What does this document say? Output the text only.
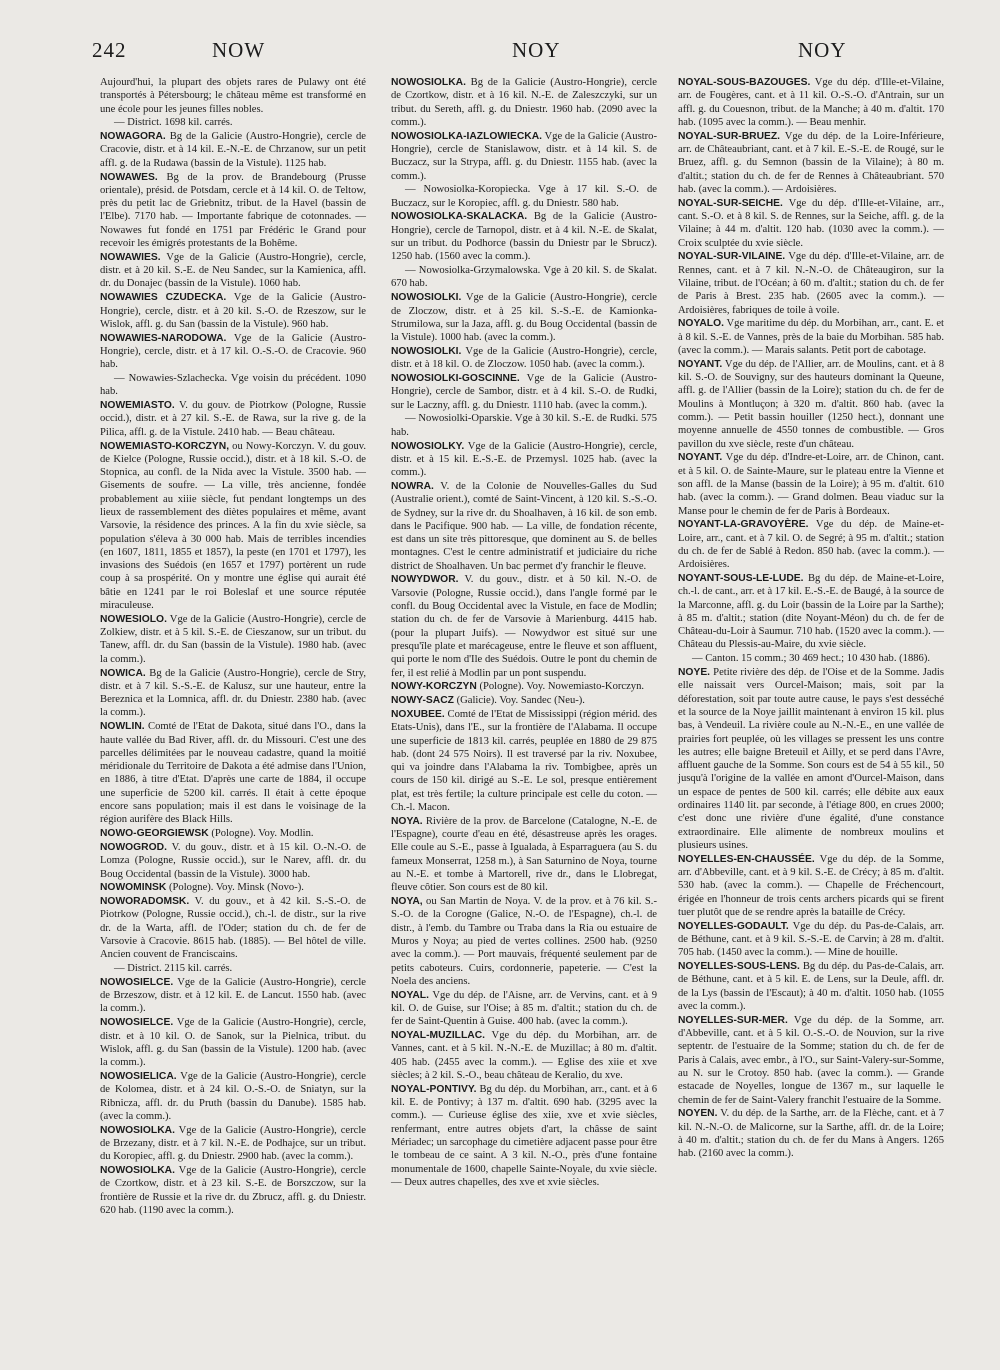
242	NOW	NOY	NOY

Aujourd'hui, la plupart des objets rares de Pulawy ont été transportés à Pétersbourg; le château même est transformé en une école pour les jeunes filles nobles.

— District. 1698 kil. carrés.

NOWAGORA. Bg de la Galicie (Austro-Hongrie), cercle de Cracovie, distr. et à 14 kil. E.-N.-E. de Chrzanow, sur un petit affl. g. de la Rudawa (bassin de la Vistule). 1125 hab.

NOWAWES. Bg de la prov. de Brandebourg (Prusse orientale), présid. de Potsdam, cercle et à 14 kil. O. de Teltow, près du petit lac de Griebnitz, tribut. de la Havel (bassin de l'Elbe). 7170 hab. — Importante fabrique de cotonnades. — Nowawes fut fondé en 1751 par Frédéric le Grand pour recevoir les émigrés protestants de la Bohême.

NOWAWIES. Vge de la Galicie (Austro-Hongrie), cercle, distr. et à 20 kil. S.-E. de Neu Sandec, sur la Kamienica, affl. dr. du Donajec (bassin de la Vistule). 1060 hab.

NOWAWIES CZUDECKA. Vge de la Galicie (Austro-Hongrie), cercle, distr. et à 20 kil. S.-O. de Rzeszow, sur le Wislok, affl. g. du San (bassin de la Vistule). 960 hab.

NOWAWIES-NARODOWA. Vge de la Galicie (Austro-Hongrie), cercle, distr. et à 17 kil. O.-S.-O. de Cracovie. 960 hab.

— Nowawies-Szlachecka. Vge voisin du précédent. 1090 hab.

NOWEMIASTO. V. du gouv. de Piotrkow (Pologne, Russie occid.), distr. et à 27 kil. S.-E. de Rawa, sur la rive g. de la Pilica, affl. g. de la Vistule. 2410 hab. — Beau château.

NOWEMIASTO-KORCZYN, ou Nowy-Korczyn. V. du gouv. de Kielce (Pologne, Russie occid.), distr. et à 18 kil. S.-O. de Stopnica, au confl. de la Nida avec la Vistule. 3500 hab. — Gisements de soufre. — La ville, très ancienne, fondée probablement au xiiie siècle, fut pendant longtemps un des lieux de rassemblement des diètes populaires et même, avant Varsovie, la résidence des princes. A la fin du xvie siècle, sa population s'éleva à 30 000 hab. Mais de terribles incendies (en 1607, 1811, 1855 et 1857), la peste (en 1701 et 1797), les invasions des Suédois (en 1657 et 1797) portèrent un rude coup à sa prospérité. On y montre une église qui aurait été bâtie en 1241 par le roi Boleslaf et une source réputée miraculeuse.

NOWESIOLO. Vge de la Galicie (Austro-Hongrie), cercle de Zolkiew, distr. et à 5 kil. S.-E. de Cieszanow, sur un tribut. du Tanew, affl. dr. du San (bassin de la Vistule). 1980 hab. (avec la comm.).

NOWICA. Bg de la Galicie (Austro-Hongrie), cercle de Stry, distr. et à 7 kil. S.-S.-E. de Kalusz, sur une hauteur, entre la Bereznica et la Lomnica, affl. dr. du Dniestr. 2380 hab. (avec la comm.).

NOWLIN. Comté de l'Etat de Dakota, situé dans l'O., dans la haute vallée du Bad River, affl. dr. du Missouri. C'est une des parcelles délimitées par le nouveau cadastre, quand la moitié méridionale du Territoire de Dakota a été admise dans l'Union, en 1886, à titre d'Etat. D'après une carte de 1884, il occupe une superficie de 5200 kil. carrés. Il était à cette époque encore sans population; mais il est dans le voisinage de la région aurifère des Black Hills.

NOWO-GEORGIEWSK (Pologne). Voy. Modlin.

NOWOGROD. V. du gouv., distr. et à 15 kil. O.-N.-O. de Lomza (Pologne, Russie occid.), sur le Narev, affl. dr. du Boug Occidental (bassin de la Vistule). 3000 hab.

NOWOMINSK (Pologne). Voy. Minsk (Novo-).

NOWORADOMSK. V. du gouv., et à 42 kil. S.-S.-O. de Piotrkow (Pologne, Russie occid.), ch.-l. de distr., sur la rive dr. de la Warta, affl. de l'Oder; station du ch. de fer de Varsovie à Cracovie. 8615 hab. (1885). — Bel hôtel de ville. Ancien couvent de Franciscains.

— District. 2115 kil. carrés.

NOWOSIELCE. Vge de la Galicie (Austro-Hongrie), cercle de Brzeszow, distr. et à 12 kil. E. de Lancut. 1550 hab. (avec la comm.).

NOWOSIELCE. Vge de la Galicie (Austro-Hongrie), cercle, distr. et à 10 kil. O. de Sanok, sur la Pielnica, tribut. du Wislok, affl. g. du San (bassin de la Vistule). 1200 hab. (avec la comm.).

NOWOSIELICA. Vge de la Galicie (Austro-Hongrie), cercle de Kolomea, distr. et à 24 kil. O.-S.-O. de Sniatyn, sur la Ribnicza, affl. dr. du Pruth (bassin du Danube). 1585 hab. (avec la comm.).

NOWOSIOLKA. Vge de la Galicie (Austro-Hongrie), cercle de Brzezany, distr. et à 7 kil. N.-E. de Podhajce, sur un tribut. du Koropiec, affl. g. du Dniestr. 2900 hab. (avec la comm.).

NOWOSIOLKA. Vge de la Galicie (Austro-Hongrie), cercle de Czortkow, distr. et à 23 kil. S.-E. de Borszczow, sur la frontière de Russie et la rive dr. du Zbrucz, affl. g. du Dniestr. 620 hab. (1190 avec la comm.).

NOWOSIOLKA. Bg de la Galicie (Austro-Hongrie), cercle de Czortkow, distr. et à 16 kil. N.-E. de Zaleszczyki, sur un tribut. du Sereth, affl. g. du Dniestr. 1960 hab. (2090 avec la comm.).

NOWOSIOLKA-IAZLOWIECKA. Vge de la Galicie (Austro-Hongrie), cercle de Stanislawow, distr. et à 14 kil. S. de Buczacz, sur la Strypa, affl. g. du Dniestr. 1155 hab. (avec la comm.).

— Nowosiolka-Koropiecka. Vge à 17 kil. S.-O. de Buczacz, sur le Koropiec, affl. g. du Dniestr. 580 hab.

NOWOSIOLKA-SKALACKA. Bg de la Galicie (Austro-Hongrie), cercle de Tarnopol, distr. et à 4 kil. N.-E. de Skalat, sur un tribut. du Podhorce (bassin du Dniestr par le Sbrucz). 1250 hab. (1560 avec la comm.).

— Nowosiolka-Grzymalowska. Vge à 20 kil. S. de Skalat. 670 hab.

NOWOSIOLKI. Vge de la Galicie (Austro-Hongrie), cercle de Zloczow, distr. et à 25 kil. S.-S.-E. de Kamionka-Strumilowa, sur la Jaza, affl. g. du Boug Occidental (bassin de la Vistule). 1000 hab. (avec la comm.).

NOWOSIOLKI. Vge de la Galicie (Austro-Hongrie), cercle, distr. et à 18 kil. O. de Zloczow. 1050 hab. (avec la comm.).

NOWOSIOLKI-GOSCINNE. Vge de la Galicie (Austro-Hongrie), cercle de Sambor, distr. et à 4 kil. S.-O. de Rudki, sur le Laczny, affl. g. du Dniestr. 1110 hab. (avec la comm.).

— Nowosiolki-Oparskie. Vge à 30 kil. S.-E. de Rudki. 575 hab.

NOWOSIOLKY. Vge de la Galicie (Austro-Hongrie), cercle, distr. et à 15 kil. E.-S.-E. de Przemysl. 1025 hab. (avec la comm.).

NOWRA. V. de la Colonie de Nouvelles-Galles du Sud (Australie orient.), comté de Saint-Vincent, à 120 kil. S.-S.-O. de Sydney, sur la rive dr. du Shoalhaven, à 16 kil. de son emb. dans le Pacifique. 900 hab. — La ville, de fondation récente, est dans un site très pittoresque, que dominent au S. de belles montagnes. C'est le centre administratif et judiciaire du riche district de Shoalhaven. Un bac permet d'y franchir le fleuve.

NOWYDWOR. V. du gouv., distr. et à 50 kil. N.-O. de Varsovie (Pologne, Russie occid.), dans l'angle formé par le confl. du Boug Occidental avec la Vistule, en face de Modlin; station du ch. de fer de Varsovie à Marienburg. 4415 hab. (pour la plupart Juifs). — Nowydwor est situé sur une presqu'île plate et marécageuse, entre le fleuve et son affluent, qui porte le nom d'Ile des Suédois. Outre le pont du chemin de fer, il est relié à Modlin par un pont suspendu.

NOWY-KORCZYN (Pologne). Voy. Nowemiasto-Korczyn.

NOWY-SACZ (Galicie). Voy. Sandec (Neu-).

NOXUBEE. Comté de l'Etat de Mississippi (région mérid. des Etats-Unis), dans l'E., sur la frontière de l'Alabama. Il occupe une superficie de 1813 kil. carrés, peuplée en 1880 de 29 875 hab. (dont 24 575 Noirs). Il est traversé par la riv. Noxubee, qui va joindre dans l'Alabama la riv. Tombigbee, après un cours de 150 kil. dirigé au S.-E. Le sol, presque entièrement plat, est très fertile; la culture principale est celle du coton. — Ch.-l. Macon.

NOYA. Rivière de la prov. de Barcelone (Catalogne, N.-E. de l'Espagne), courte d'eau en été, désastreuse après les orages. Elle coule au S.-E., passe à Igualada, à Esparraguera (au S. du fameux Monserrat, 1258 m.), à San Saturnino de Noya, tourne au N.-E. et tombe à Martorell, rive dr., dans le Llobregat, fleuve côtier. Son cours est de 80 kil.

NOYA, ou San Martin de Noya. V. de la prov. et à 76 kil. S.-S.-O. de la Corogne (Galice, N.-O. de l'Espagne), ch.-l. de distr., à l'emb. du Tambre ou Traba dans la Ria ou estuaire de Muros y Noya; au pied de vertes collines. 2500 hab. (9250 avec la comm.). — Port mauvais, fréquenté seulement par de petits caboteurs. Cuirs, cordonnerie, papeterie. — C'est la Noela des anciens.

NOYAL. Vge du dép. de l'Aisne, arr. de Vervins, cant. et à 9 kil. O. de Guise, sur l'Oise; à 85 m. d'altit.; station du ch. de fer de Saint-Quentin à Guise. 400 hab. (avec la comm.).

NOYAL-MUZILLAC. Vge du dép. du Morbihan, arr. de Vannes, cant. et à 5 kil. N.-N.-E. de Muzillac; à 80 m. d'altit. 405 hab. (2455 avec la comm.). — Eglise des xiie et xve siècles; à 2 kil. S.-O., beau château de Keralio, du xve.

NOYAL-PONTIVY. Bg du dép. du Morbihan, arr., cant. et à 6 kil. E. de Pontivy; à 137 m. d'altit. 690 hab. (3295 avec la comm.). — Curieuse église des xiie, xve et xvie siècles, renfermant, entre autres objets d'art, la châsse de saint Mériadec; un sarcophage du cimetière adjacent passe pour être le tombeau de ce saint. A 3 kil. N.-O., près d'une fontaine monumentale de 1600, chapelle Sainte-Noyale, du xvie siècle. — Deux autres chapelles, des xve et xvie siècles.

NOYAL-SOUS-BAZOUGES. Vge du dép. d'Ille-et-Vilaine, arr. de Fougères, cant. et à 11 kil. O.-S.-O. d'Antrain, sur un affl. g. du Couesnon, tribut. de la Manche; à 40 m. d'altit. 170 hab. (1095 avec la comm.). — Beau menhir.

NOYAL-SUR-BRUEZ. Vge du dép. de la Loire-Inférieure, arr. de Châteaubriant, cant. et à 7 kil. E.-S.-E. de Rougé, sur le Bruez, affl. g. du Semnon (bassin de la Vilaine); à 80 m. d'altit.; station du ch. de fer de Rennes à Châteaubriant. 570 hab. (avec la comm.). — Ardoisières.

NOYAL-SUR-SEICHE. Vge du dép. d'Ille-et-Vilaine, arr., cant. S.-O. et à 8 kil. S. de Rennes, sur la Seiche, affl. g. de la Vilaine; à 44 m. d'altit. 120 hab. (1030 avec la comm.). — Croix sculptée du xvie siècle.

NOYAL-SUR-VILAINE. Vge du dép. d'Ille-et-Vilaine, arr. de Rennes, cant. et à 7 kil. N.-N.-O. de Châteaugiron, sur la Vilaine, tribut. de l'Océan; à 60 m. d'altit.; station du ch. de fer de Paris à Brest. 235 hab. (2605 avec la comm.). — Ardoisières, fabriques de toile à voile.

NOYALO. Vge maritime du dép. du Morbihan, arr., cant. E. et à 8 kil. S.-E. de Vannes, près de la baie du Morbihan. 585 hab. (avec la comm.). — Marais salants. Petit port de cabotage.

NOYANT. Vge du dép. de l'Allier, arr. de Moulins, cant. et à 8 kil. S.-O. de Souvigny, sur des hauteurs dominant la Queune, affl. g. de l'Allier (bassin de la Loire); station du ch. de fer de Moulins à Montluçon; à 320 m. d'altit. 860 hab. (avec la comm.). — Petit bassin houiller (1250 hect.), donnant une moyenne annuelle de 4550 tonnes de combustible. — Gros pavillon du xve siècle, reste d'un château.

NOYANT. Vge du dép. d'Indre-et-Loire, arr. de Chinon, cant. et à 5 kil. O. de Sainte-Maure, sur le plateau entre la Vienne et son affl. de la Manse (bassin de la Loire); à 95 m. d'altit. 610 hab. (avec la comm.). — Grand dolmen. Beau viaduc sur la Manse pour le chemin de fer de Paris à Bordeaux.

NOYANT-LA-GRAVOYÈRE. Vge du dép. de Maine-et-Loire, arr., cant. et à 7 kil. O. de Segré; à 95 m. d'altit.; station du ch. de fer de Sablé à Redon. 850 hab. (avec la comm.). — Ardoisières.

NOYANT-SOUS-LE-LUDE. Bg du dép. de Maine-et-Loire, ch.-l. de cant., arr. et à 17 kil. E.-S.-E. de Baugé, à la source de la Marconne, affl. g. du Loir (bassin de la Loire par la Sarthe); à 85 m. d'altit.; station (dite Noyant-Méon) du ch. de fer de Château-du-Loir à Saumur. 710 hab. (1520 avec la comm.). — Château du Plessis-au-Maire, du xvie siècle.

— Canton. 15 comm.; 30 469 hect.; 10 430 hab. (1886).

NOYE. Petite rivière des dép. de l'Oise et de la Somme. Jadis elle naissait vers Ourcel-Maison; mais, soit par la déforestation, soit par toute autre cause, le pays s'est desséché et la source de la Noye jaillit maintenant à environ 15 kil. plus bas, à Vendeuil. La rivière coule au N.-N.-E., en une vallée de prairies fort peuplée, où les villages se pressent les uns contre les autres; elle baigne Breteuil et Ailly, et se perd dans l'Avre, affluent gauche de la Somme. Son cours est de 54 à 55 kil., 50 jusqu'à l'origine de la vallée en amont d'Ourcel-Maison, dans un espace de pentes de 500 kil. carrés; elle débite aux eaux ordinaires 1140 lit. par seconde, à l'étiage 800, en crues 2000; c'est donc une rivière d'une égalité, d'une constance extraordinaire. Elle alimente de nombreux moulins et plusieurs usines.

NOYELLES-EN-CHAUSSÉE. Vge du dép. de la Somme, arr. d'Abbeville, cant. et à 9 kil. S.-E. de Crécy; à 85 m. d'altit. 530 hab. (avec la comm.). — Chapelle de Fréchencourt, érigée en l'honneur de trois cents archers picards qui se firent tuer plutôt que de se rendre après la bataille de Crécy.

NOYELLES-GODAULT. Vge du dép. du Pas-de-Calais, arr. de Béthune, cant. et à 9 kil. S.-S.-E. de Carvin; à 28 m. d'altit. 705 hab. (1450 avec la comm.). — Mine de houille.

NOYELLES-SOUS-LENS. Bg du dép. du Pas-de-Calais, arr. de Béthune, cant. et à 5 kil. E. de Lens, sur la Deule, affl. dr. de la Lys (bassin de l'Escaut); à 40 m. d'altit. 1050 hab. (1055 avec la comm.).

NOYELLES-SUR-MER. Vge du dép. de la Somme, arr. d'Abbeville, cant. et à 5 kil. O.-S.-O. de Nouvion, sur la rive septentr. de l'estuaire de la Somme; station du ch. de fer de Paris à Calais, avec embr., à l'O., sur Saint-Valery-sur-Somme, au N. sur le Crotoy. 850 hab. (avec la comm.). — Grande estacade de Noyelles, longue de 1367 m., sur laquelle le chemin de fer de Saint-Valery franchit l'estuaire de la Somme.

NOYEN. V. du dép. de la Sarthe, arr. de la Flèche, cant. et à 7 kil. N.-N.-O. de Malicorne, sur la Sarthe, affl. dr. de la Loire; à 40 m. d'altit.; station du ch. de fer du Mans à Angers. 1265 hab. (2160 avec la comm.).
